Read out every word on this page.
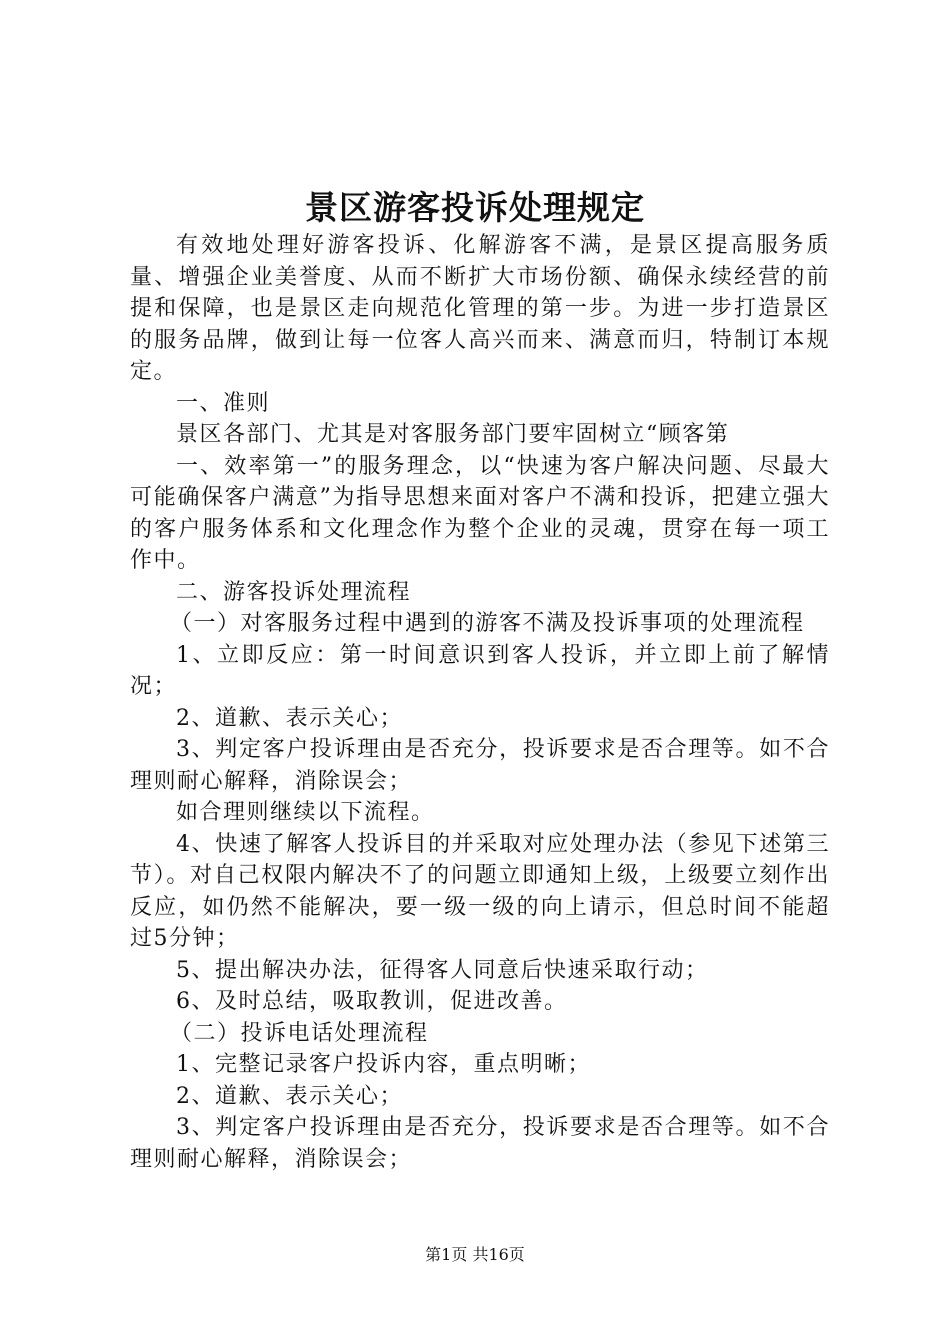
景区游客投诉处理规定

有效地处理好游客投诉、化解游客不满，是景区提高服务质量、增强企业美誉度、从而不断扩大市场份额、确保永续经营的前提和保障，也是景区走向规范化管理的第一步。为进一步打造景区的服务品牌，做到让每一位客人高兴而来、满意而归，特制订本规定。

一、准则

景区各部门、尤其是对客服务部门要牢固树立“顾客第

一、效率第一”的服务理念，以“快速为客户解决问题、尽最大可能确保客户满意”为指导思想来面对客户不满和投诉，把建立强大的客户服务体系和文化理念作为整个企业的灵魂，贯穿在每一项工作中。

二、游客投诉处理流程

（一）对客服务过程中遇到的游客不满及投诉事项的处理流程

1、立即反应：第一时间意识到客人投诉，并立即上前了解情况；

2、道歉、表示关心；

3、判定客户投诉理由是否充分，投诉要求是否合理等。如不合理则耐心解释，消除误会；

如合理则继续以下流程。

4、快速了解客人投诉目的并采取对应处理办法（参见下述第三节）。对自己权限内解决不了的问题立即通知上级，上级要立刻作出反应，如仍然不能解决，要一级一级的向上请示，但总时间不能超过5分钟；

5、提出解决办法，征得客人同意后快速采取行动；

6、及时总结，吸取教训，促进改善。

（二）投诉电话处理流程

1、完整记录客户投诉内容，重点明晰；

2、道歉、表示关心；

3、判定客户投诉理由是否充分，投诉要求是否合理等。如不合理则耐心解释，消除误会；

第1页 共16页
